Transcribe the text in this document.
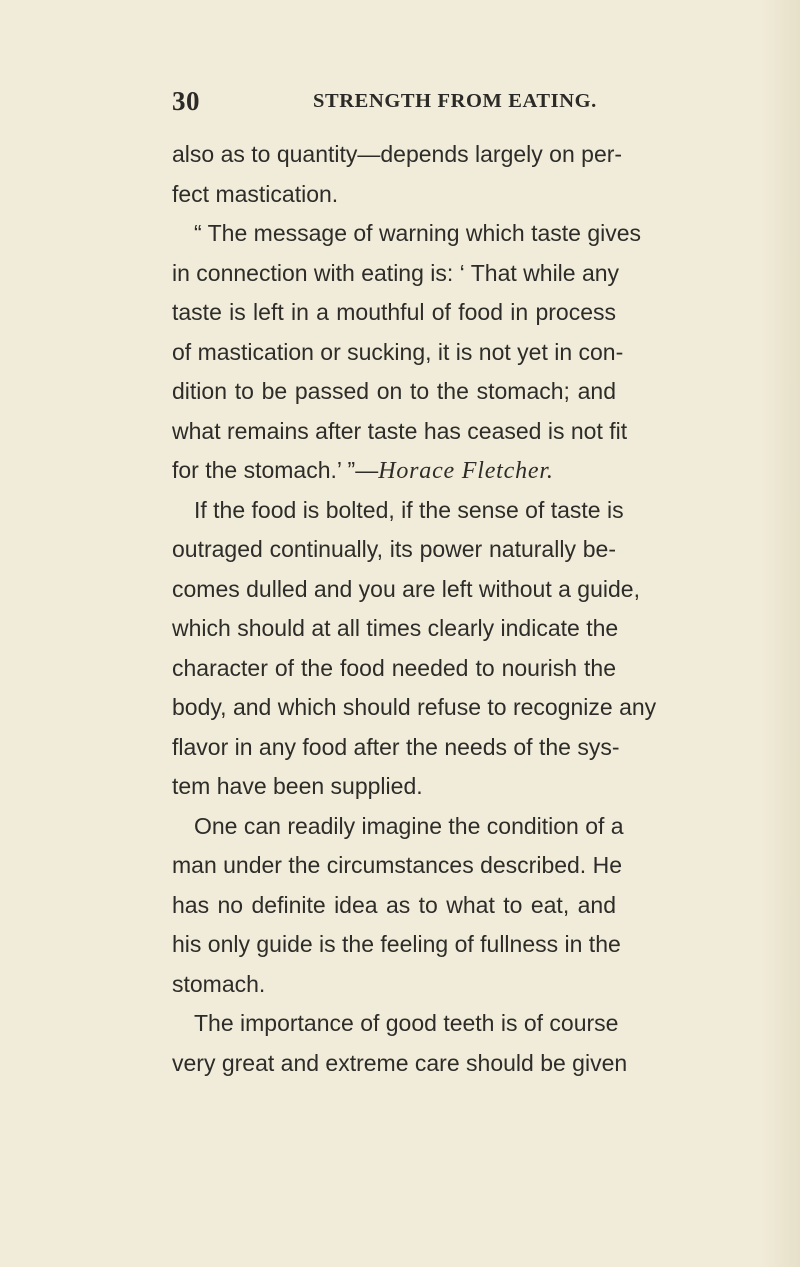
30	STRENGTH FROM EATING.
also as to quantity—depends largely on per-
fect mastication.
“ The message of warning which taste gives
in connection with eating is: ‘ That while any
taste is left in a mouthful of food in process
of mastication or sucking, it is not yet in con-
dition to be passed on to the stomach; and
what remains after taste has ceased is not fit
for the stomach.’ ”—Horace Fletcher.
If the food is bolted, if the sense of taste is
outraged continually, its power naturally be-
comes dulled and you are left without a guide,
which should at all times clearly indicate the
character of the food needed to nourish the
body, and which should refuse to recognize any
flavor in any food after the needs of the sys-
tem have been supplied.
One can readily imagine the condition of a
man under the circumstances described. He
has no definite idea as to what to eat, and
his only guide is the feeling of fullness in the
stomach.
The importance of good teeth is of course
very great and extreme care should be given
